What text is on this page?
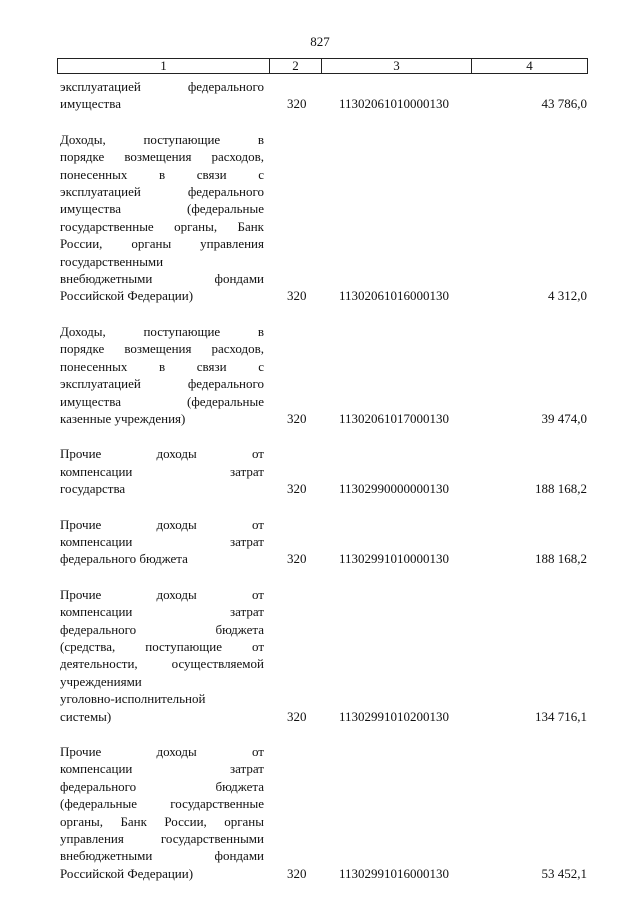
827
1	2	3	4
эксплуатацией федерального
имущества	320	11302061010000130	43 786,0
Доходы, поступающие в
порядке возмещения расходов,
понесенных в связи с
эксплуатацией федерального
имущества (федеральные
государственные органы, Банк
России, органы управления
государственными
внебюджетными фондами
Российской Федерации)	320	11302061016000130	4 312,0
Доходы, поступающие в
порядке возмещения расходов,
понесенных в связи с
эксплуатацией федерального
имущества (федеральные
казенные учреждения)	320	11302061017000130	39 474,0
Прочие доходы от
компенсации затрат
государства	320	11302990000000130	188 168,2
Прочие доходы от
компенсации затрат
федерального бюджета	320	11302991010000130	188 168,2
Прочие доходы от
компенсации затрат
федерального бюджета
(средства, поступающие от
деятельности, осуществляемой
учреждениями
уголовно-исполнительной
системы)	320	11302991010200130	134 716,1
Прочие доходы от
компенсации затрат
федерального бюджета
(федеральные государственные
органы, Банк России, органы
управления государственными
внебюджетными фондами
Российской Федерации)	320	11302991016000130	53 452,1
